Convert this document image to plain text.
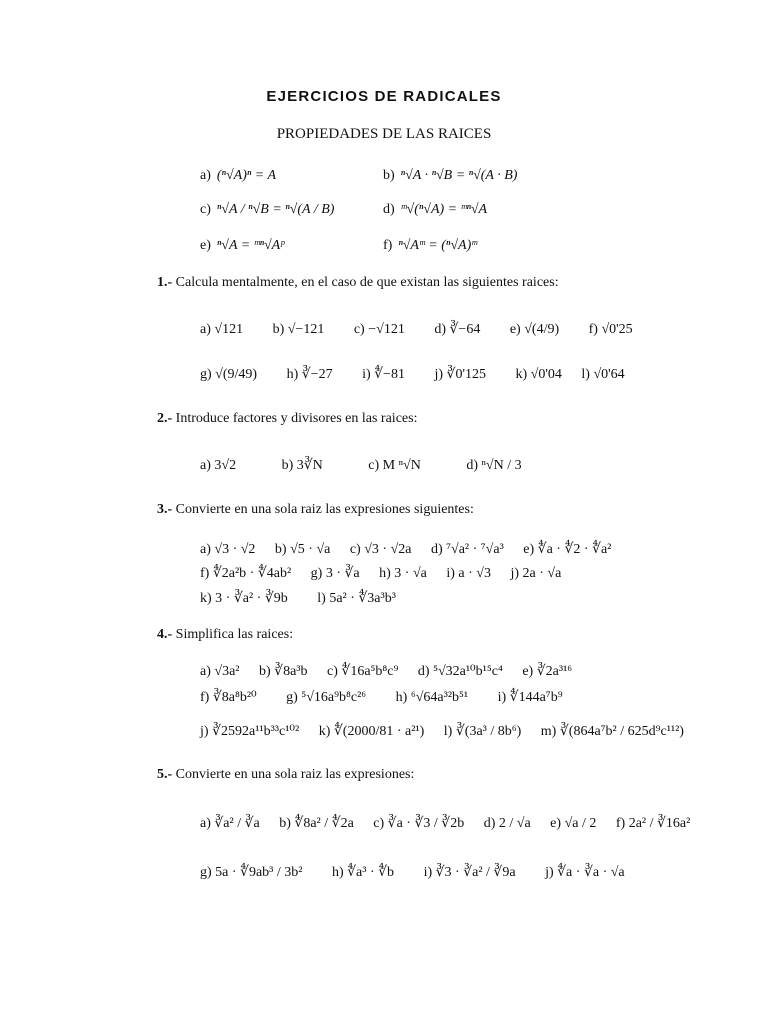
EJERCICIOS DE RADICALES
PROPIEDADES DE LAS RAICES
a) (ⁿ√A)ⁿ = A	b) ⁿ√A · ⁿ√B = ⁿ√(A · B)
c) ⁿ√A / ⁿ√B = ⁿ√(A / B)	d) ᵐ√(ⁿ√A) = ᵐⁿ√A
e) ⁿ√A = ᵐⁿ√Aᵖ	f) ⁿ√Aᵐ = (ⁿ√A)ᵐ
1.- Calcula mentalmente, en el caso de que existan las siguientes raices:
a) √121 b) √−121 c) −√121 d) ∛−64 e) √(4/9) f) √0'25
g) √(9/49) h) ∛−27 i) ∜−81 j) ∛0'125 k) √0'04 l) √0'64
2.- Introduce factores y divisores en las raices:
a) 3√2	b) 3∛N	c) M ⁿ√N	d) ⁿ√N / 3
3.- Convierte en una sola raiz las expresiones siguientes:
a) √3 · √2 b) √5 · √a c) √3 · √2a d) ⁷√a² · ⁷√a³ e) ∜a · ∜2 · ∜a²
f) ∜2a²b · ∜4ab² g) 3 · ∛a h) 3 · √a i) a · √3 j) 2a · √a
k) 3 · ∛a² · ∛9b l) 5a² · ∜3a³b³
4.- Simplifica las raices:
a) √3a² b) ∛8a³b c) ∜16a⁵b⁸c⁹ d) ⁵√32a¹⁰b¹⁵c⁴ e) ∛2a³¹⁶
f) ∛8a⁸b²⁰ g) ⁵√16a⁹b⁸c²⁶ h) ⁶√64a³²b⁵¹ i) ∜144a⁷b⁹
j) ∛2592a¹¹b³³c¹⁰² k) ∜(2000/81 · a²¹) l) ∛(3a³ / 8b⁶) m) ∛(864a⁷b² / 625d⁹c¹¹²)
5.- Convierte en una sola raiz las expresiones:
a) ∛a² / ∛a b) ∜8a² / ∜2a c) ∛a · ∛3 / ∛2b d) 2 / √a e) √a / 2 f) 2a² / ∛16a²
g) 5a · ∜9ab³ / 3b² h) ∜a³ · ∜b i) ∛3 · ∛a² / ∛9a j) ∜a · ∛a · √a
